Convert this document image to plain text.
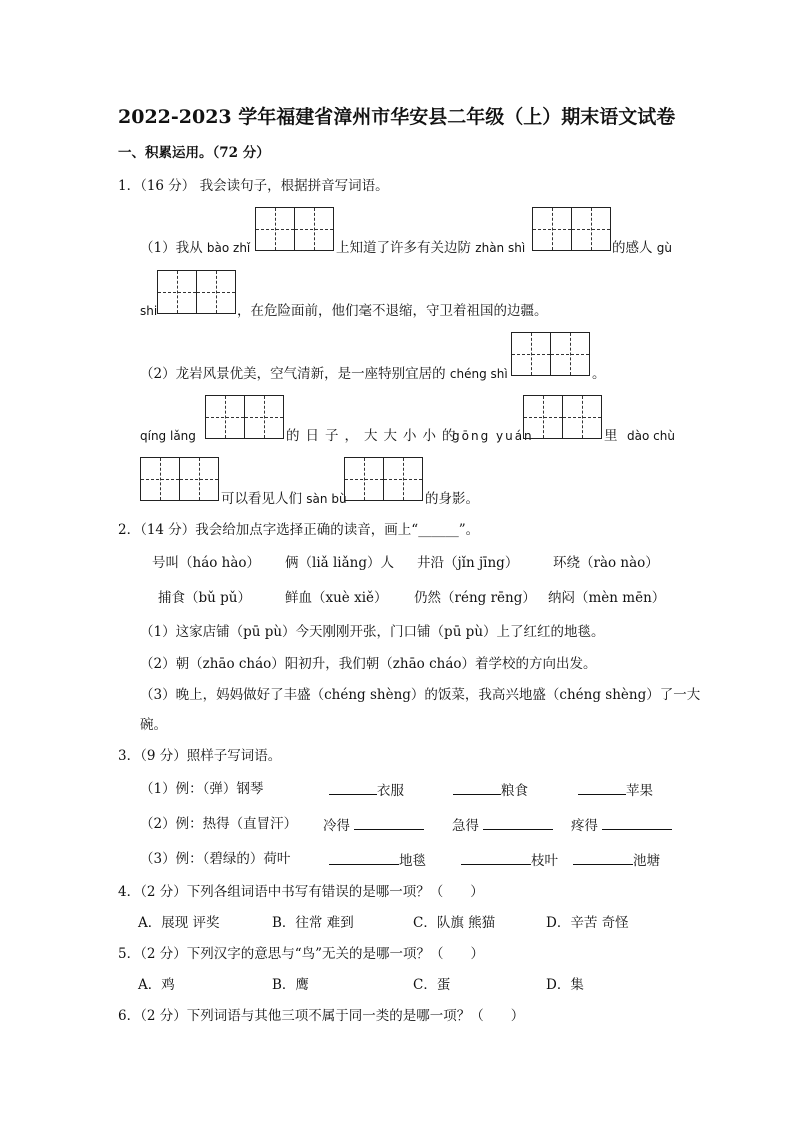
2022-2023 学年福建省漳州市华安县二年级（上）期末语文试卷
一、积累运用。（72 分）
1．（16 分） 我会读句子，根据拼音写词语。
（1）我从 bào zhǐ	上知道了许多有关边防 zhàn shì	的感人 gù
shi	，在危险面前，他们毫不退缩，守卫着祖国的边疆。
（2）龙岩风景优美，空气清新，是一座特别宜居的 chéng shì	。
qíng lǎng	的日子，大大小小的
gōng yuán	里 dào chù
可以看见人们 sàn bù	的身影。
2．（14 分）我会给加点字选择正确的读音，画上“______”。
号叫（háo hào） 俩（liǎ liǎng）人 井沿（jǐn jīng）	环绕（rào nào）
捕食（bǔ pǔ）	鲜血（xuè xiě） 仍然（réng rēng） 纳闷（mèn mēn）
（1）这家店铺（pū pù）今天刚刚开张，门口铺（pū pù）上了红红的地毯。
（2）朝（zhāo cháo）阳初升，我们朝（zhāo cháo）着学校的方向出发。
（3）晚上，妈妈做好了丰盛（chéng shèng）的饭菜，我高兴地盛（chéng shèng）了一大
碗。
3．（9 分）照样子写词语。
（1）例：（弹）钢琴	衣服	粮食	苹果
（2）例：热得（直冒汗） 冷得	急得	疼得
（3）例：（碧绿的）荷叶	地毯	枝叶	池塘
4．（2 分）下列各组词语中书写有错误的是哪一项？（　　）
A．展现 评奖	B．往常 难到	C．队旗 熊猫	D．辛苦 奇怪
5．（2 分）下列汉字的意思与“鸟”无关的是哪一项？（　　）
A．鸡	B．鹰	C．蛋	D．集
6．（2 分）下列词语与其他三项不属于同一类的是哪一项？（　　）
